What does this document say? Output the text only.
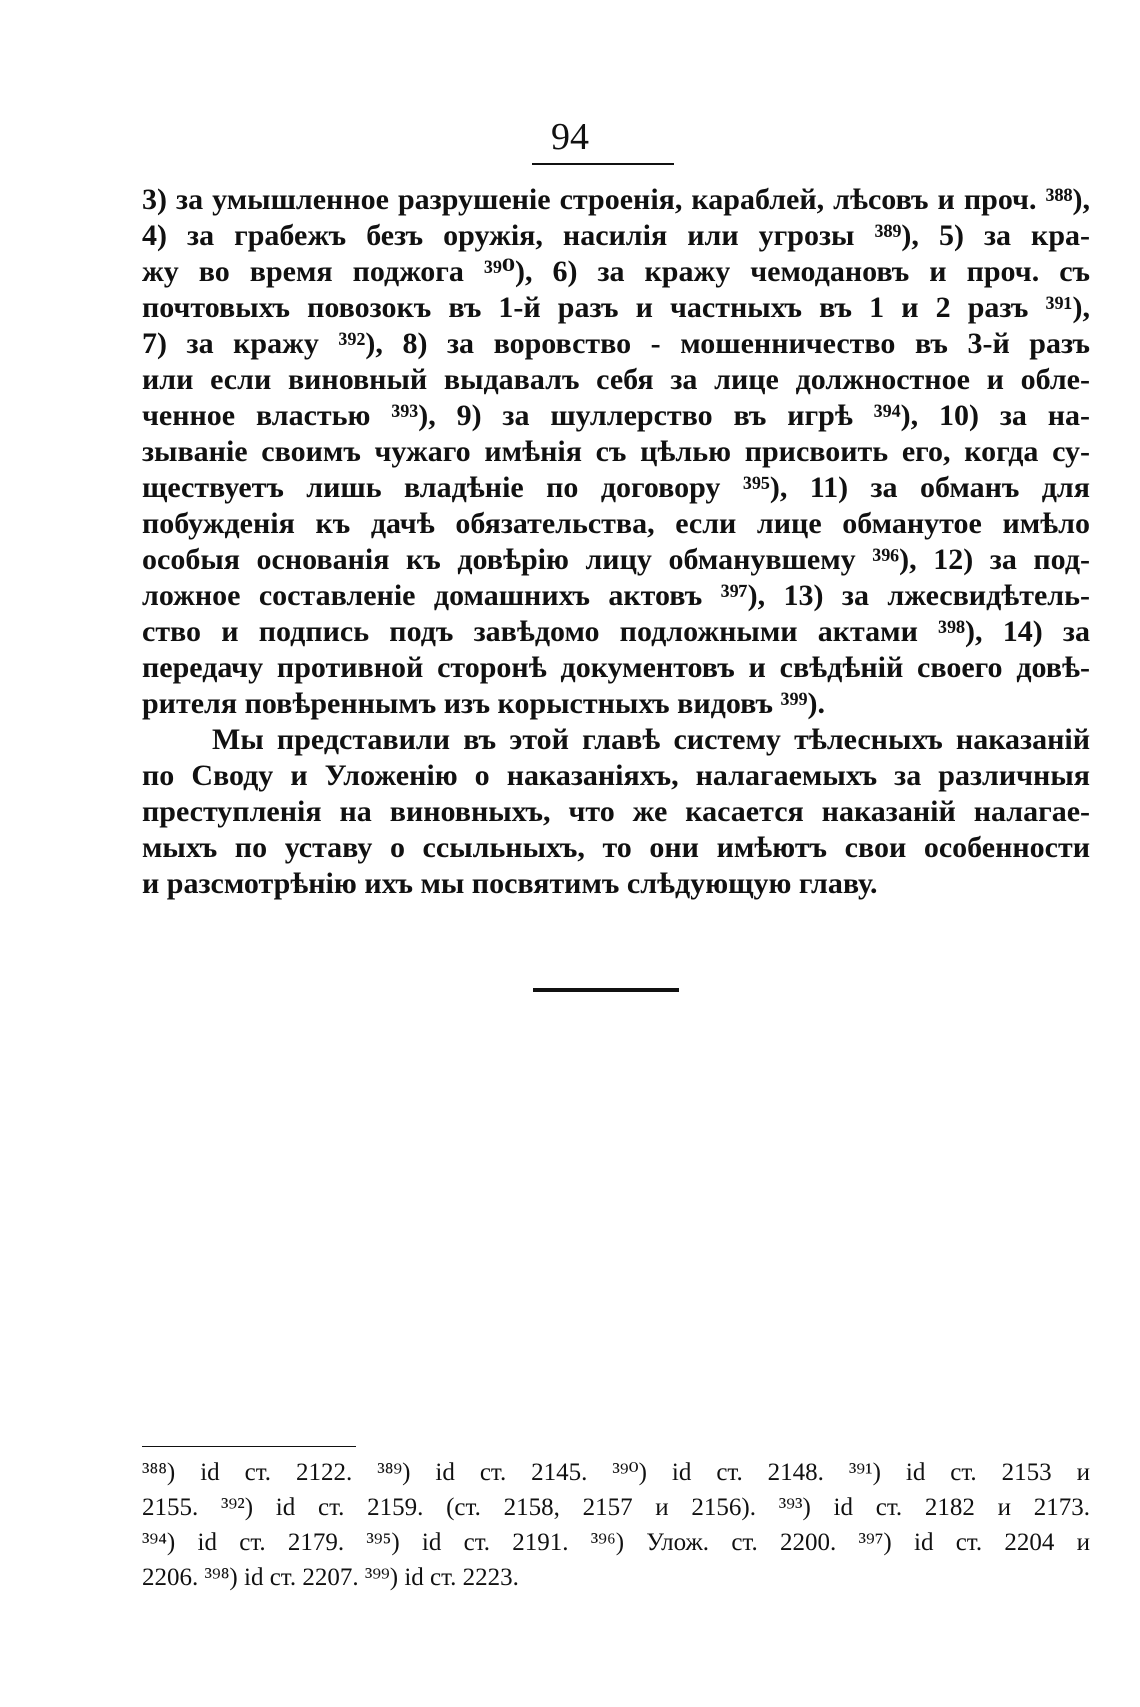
94
3) за умышленное разрушеніе строенія, караблей, лѣсовъ и проч. ³⁸⁸),
4) за грабежъ безъ оружія, насилія или угрозы ³⁸⁹), 5) за кра-
жу во время поджога ³⁹⁰), 6) за кражу чемодановъ и проч. съ
почтовыхъ повозокъ въ 1-й разъ и частныхъ въ 1 и 2 разъ ³⁹¹),
7) за кражу ³⁹²), 8) за воровство - мошенничество въ 3-й разъ
или если виновный выдавалъ себя за лице должностное и обле-
ченное властью ³⁹³), 9) за шуллерство въ игрѣ ³⁹⁴), 10) за на-
зываніе своимъ чужаго имѣнія съ цѣлью присвоить его, когда су-
ществуетъ лишь владѣніе по договору ³⁹⁵), 11) за обманъ для
побужденія къ дачѣ обязательства, если лице обманутое имѣло
особыя основанія къ довѣрію лицу обманувшему ³⁹⁶), 12) за под-
ложное составленіе домашнихъ актовъ ³⁹⁷), 13) за лжесвидѣтель-
ство и подпись подъ завѣдомо подложными актами ³⁹⁸), 14) за
передачу противной сторонѣ документовъ и свѣдѣній своего довѣ-
рителя повѣреннымъ изъ корыстныхъ видовъ ³⁹⁹).
Мы представили въ этой главѣ систему тѣлесныхъ наказаній
по Своду и Уложенію о наказаніяхъ, налагаемыхъ за различныя
преступленія на виновныхъ, что же касается наказаній налагае-
мыхъ по уставу о ссыльныхъ, то они имѣютъ свои особенности
и разсмотрѣнію ихъ мы посвятимъ слѣдующую главу.
³⁸⁸) id ст. 2122. ³⁸⁹) id ст. 2145. ³⁹⁰) id ст. 2148. ³⁹¹) id ст. 2153 и
2155. ³⁹²) id ст. 2159. (ст. 2158, 2157 и 2156). ³⁹³) id ст. 2182 и 2173.
³⁹⁴) id ст. 2179. ³⁹⁵) id ст. 2191. ³⁹⁶) Улож. ст. 2200. ³⁹⁷) id ст. 2204 и
2206. ³⁹⁸) id ст. 2207. ³⁹⁹) id ст. 2223.
